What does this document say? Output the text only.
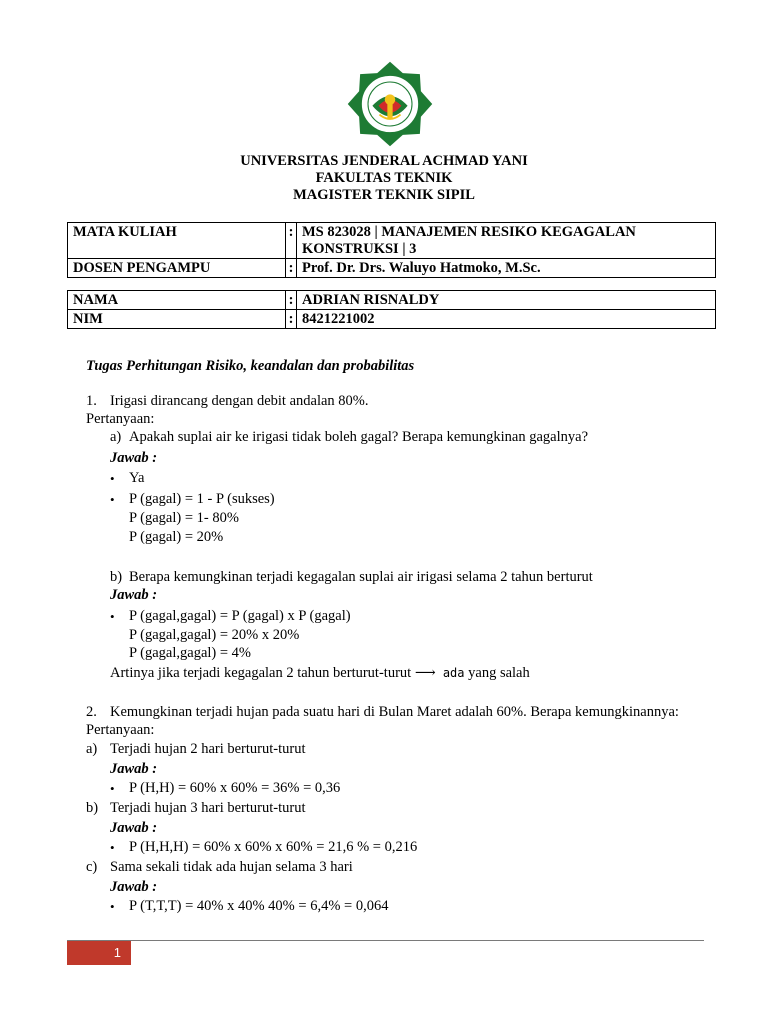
UNIVERSITAS JENDERAL ACHMAD YANI
FAKULTAS TEKNIK
MAGISTER TEKNIK SIPIL
MATA KULIAH	:	MS 823028 | MANAJEMEN RESIKO KEGAGALAN KONSTRUKSI | 3
DOSEN PENGAMPU	:	Prof. Dr. Drs. Waluyo Hatmoko, M.Sc.
NAMA	:	ADRIAN RISNALDY
NIM	:	8421221002
Tugas Perhitungan Risiko, keandalan dan probabilitas
1. Irigasi dirancang dengan debit andalan 80%.
Pertanyaan:
a) Apakah suplai air ke irigasi tidak boleh gagal? Berapa kemungkinan gagalnya?
Jawab :
• Ya
• P (gagal) = 1 - P (sukses)
P (gagal) = 1- 80%
P (gagal) = 20%
b) Berapa kemungkinan terjadi kegagalan suplai air irigasi selama 2 tahun berturut
Jawab :
• P (gagal,gagal) = P (gagal) x P (gagal)
P (gagal,gagal) = 20% x 20%
P (gagal,gagal) = 4%
Artinya jika terjadi kegagalan 2 tahun berturut-turut ⟶ ada yang salah
2. Kemungkinan terjadi hujan pada suatu hari di Bulan Maret adalah 60%. Berapa kemungkinannya:
Pertanyaan:
a) Terjadi hujan 2 hari berturut-turut
Jawab :
• P (H,H) = 60% x 60% = 36% = 0,36
b) Terjadi hujan 3 hari berturut-turut
Jawab :
• P (H,H,H) = 60% x 60% x 60% = 21,6 % = 0,216
c) Sama sekali tidak ada hujan selama 3 hari
Jawab :
• P (T,T,T) = 40% x 40% 40% = 6,4% = 0,064
1
